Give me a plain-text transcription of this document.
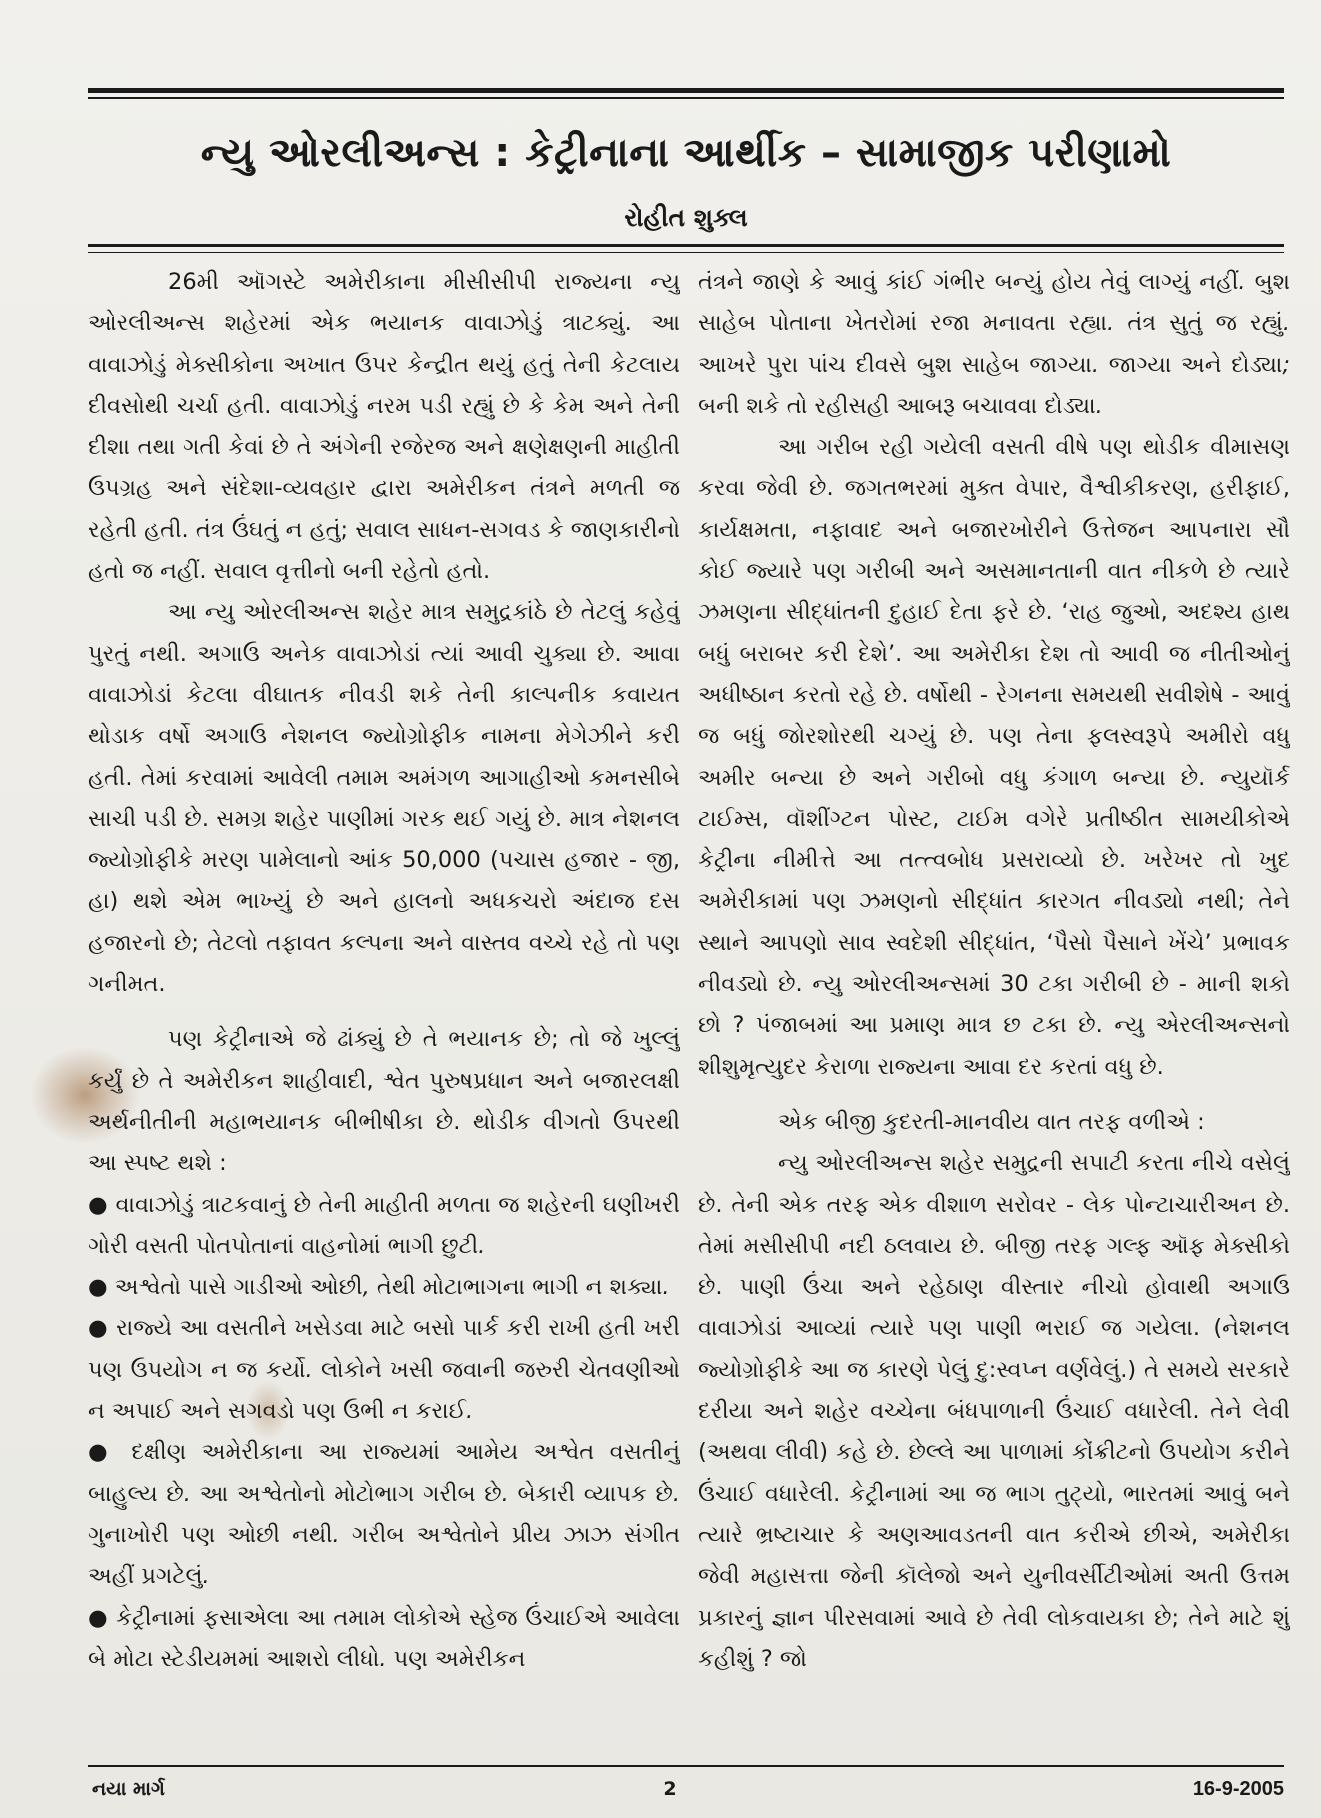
ન્યુ ઓરલીઅન્સ : કેટ્રીનાના આર્થીક – સામાજીક પરીણામો
રોહીત શુક્લ

26મી ઑગસ્ટે અમેરીકાના મીસીસીપી રાજ્યના ન્યુ ઓરલીઅન્સ શહેરમાં એક ભયાનક વાવાઝોડું ત્રાટક્યું. આ વાવાઝોડું મેક્સીકોના અખાત ઉપર કેન્દ્રીત થયું હતું તેની કેટલાય દીવસોથી ચર્ચા હતી. વાવાઝોડું નરમ પડી રહ્યું છે કે કેમ અને તેની દીશા તથા ગતી કેવાં છે તે અંગેની રજેરજ અને ક્ષણેક્ષણની માહીતી ઉપગ્રહ અને સંદેશા-વ્યવહાર દ્વારા અમેરીકન તંત્રને મળતી જ રહેતી હતી. તંત્ર ઉંઘતું ન હતું; સવાલ સાધન-સગવડ કે જાણકારીનો હતો જ નહીં. સવાલ વૃત્તીનો બની રહેતો હતો.

આ ન્યુ ઓરલીઅન્સ શહેર માત્ર સમુદ્રકાંઠે છે તેટલું કહેવું પુરતું નથી. અગાઉ અનેક વાવાઝોડાં ત્યાં આવી ચુક્યા છે. આવા વાવાઝોડાં કેટલા વીઘાતક નીવડી શકે તેની કાલ્પનીક કવાયત થોડાક વર્ષો અગાઉ નેશનલ જ્યોગ્રોફીક નામના મેગેઝીને કરી હતી. તેમાં કરવામાં આવેલી તમામ અમંગળ આગાહીઓ કમનસીબે સાચી પડી છે. સમગ્ર શહેર પાણીમાં ગરક થઈ ગયું છે. માત્ર નેશનલ જ્યોગ્રોફીકે મરણ પામેલાનો આંક 50,000 (પચાસ હજાર - જી, હા) થશે એમ ભાખ્યું છે અને હાલનો અધકચરો અંદાજ દસ હજારનો છે; તેટલો તફાવત કલ્પના અને વાસ્તવ વચ્ચે રહે તો પણ ગનીમત.

પણ કેટ્રીનાએ જે ઢાંક્યું છે તે ભયાનક છે; તો જે ખુલ્લું કર્યું છે તે અમેરીકન શાહીવાદી, શ્વેત પુરુષપ્રધાન અને બજારલક્ષી અર્થનીતીની મહાભયાનક બીભીષીકા છે. થોડીક વીગતો ઉપરથી આ સ્પષ્ટ થશે :

● વાવાઝોડું ત્રાટકવાનું છે તેની માહીતી મળતા જ શહેરની ઘણીખરી ગોરી વસતી પોતપોતાનાં વાહનોમાં ભાગી છુટી.

● અશ્વેતો પાસે ગાડીઓ ઓછી, તેથી મોટાભાગના ભાગી ન શક્યા.

● રાજ્યે આ વસતીને ખસેડવા માટે બસો પાર્ક કરી રાખી હતી ખરી પણ ઉપયોગ ન જ કર્યો. લોકોને ખસી જવાની જરુરી ચેતવણીઓ ન અપાઈ અને સગવડો પણ ઉભી ન કરાઈ.

● દક્ષીણ અમેરીકાના આ રાજ્યમાં આમેય અશ્વેત વસતીનું બાહુલ્ય છે. આ અશ્વેતોનો મોટોભાગ ગરીબ છે. બેકારી વ્યાપક છે. ગુનાખોરી પણ ઓછી નથી. ગરીબ અશ્વેતોને પ્રીય ઝાઝ સંગીત અહીં પ્રગટેલું.

● કેટ્રીનામાં ફસાએલા આ તમામ લોકોએ સ્હેજ ઉંચાઈએ આવેલા બે મોટા સ્ટેડીયમમાં આશરો લીધો. પણ અમેરીકન

તંત્રને જાણે કે આવું કાંઈ ગંભીર બન્યું હોય તેવું લાગ્યું નહીં. બુશ સાહેબ પોતાના ખેતરોમાં રજા મનાવતા રહ્યા. તંત્ર સુતું જ રહ્યું. આખરે પુરા પાંચ દીવસે બુશ સાહેબ જાગ્યા. જાગ્યા અને દોડ્યા; બની શકે તો રહીસહી આબરૂ બચાવવા દોડ્યા.

આ ગરીબ રહી ગયેલી વસતી વીષે પણ થોડીક વીમાસણ કરવા જેવી છે. જગતભરમાં મુક્ત વેપાર, વૈશ્વીકીકરણ, હરીફાઈ, કાર્યક્ષમતા, નફાવાદ અને બજારખોરીને ઉત્તેજન આપનારા સૌ કોઈ જ્યારે પણ ગરીબી અને અસમાનતાની વાત નીકળે છે ત્યારે ઝમણના સીદ્ધાંતની દુહાઈ દેતા ફરે છે. ‘રાહ જુઓ, અદશ્ય હાથ બધું બરાબર કરી દેશે’. આ અમેરીકા દેશ તો આવી જ નીતીઓનું અધીષ્ઠાન કરતો રહે છે. વર્ષોથી - રેગનના સમયથી સવીશેષે - આવું જ બધું જોરશોરથી ચગ્યું છે. પણ તેના ફલસ્વરૂપે અમીરો વધુ અમીર બન્યા છે અને ગરીબો વધુ કંગાળ બન્યા છે. ન્યુયૉર્ક ટાઈમ્સ, વૉશીંગ્ટન પોસ્ટ, ટાઈમ વગેરે પ્રતીષ્ઠીત સામયીકોએ કેટ્રીના નીમીત્તે આ તત્ત્વબોધ પ્રસરાવ્યો છે. ખરેખર તો ખુદ અમેરીકામાં પણ ઝમણનો સીદ્ધાંત કારગત નીવડ્યો નથી; તેને સ્થાને આપણો સાવ સ્વદેશી સીદ્ધાંત, ‘પૈસો પૈસાને ખેંચે’ પ્રભાવક નીવડ્યો છે. ન્યુ ઓરલીઅન્સમાં 30 ટકા ગરીબી છે - માની શકો છો ? પંજાબમાં આ પ્રમાણ માત્ર છ ટકા છે. ન્યુ એરલીઅન્સનો શીશુમૃત્યુદર કેરાળા રાજ્યના આવા દર કરતાં વધુ છે.

એક બીજી કુદરતી-માનવીય વાત તરફ વળીએ :

ન્યુ ઓરલીઅન્સ શહેર સમુદ્રની સપાટી કરતા નીચે વસેલું છે. તેની એક તરફ એક વીશાળ સરોવર - લેક પોન્ટાચારીઅન છે. તેમાં મસીસીપી નદી ઠલવાય છે. બીજી તરફ ગલ્ફ ઑફ મેક્સીકો છે. પાણી ઉંચા અને રહેઠાણ વીસ્તાર નીચો હોવાથી અગાઉ વાવાઝોડાં આવ્યાં ત્યારે પણ પાણી ભરાઈ જ ગયેલા. (નેશનલ જ્યોગ્રોફીકે આ જ કારણે પેલું દુ:સ્વપ્ન વર્ણવેલું.) તે સમયે સરકારે દરીયા અને શહેર વચ્ચેના બંધપાળાની ઉંચાઈ વધારેલી. તેને લેવી (અથવા લીવી) કહે છે. છેલ્લે આ પાળામાં કોંક્રીટનો ઉપયોગ કરીને ઉંચાઈ વધારેલી. કેટ્રીનામાં આ જ ભાગ તુટ્યો, ભારતમાં આવું બને ત્યારે ભ્રષ્ટાચાર કે અણઆવડતની વાત કરીએ છીએ, અમેરીકા જેવી મહાસત્તા જેની કૉલેજો અને યુનીવર્સીટીઓમાં અતી ઉત્તમ પ્રકારનું જ્ઞાન પીરસવામાં આવે છે તેવી લોકવાયકા છે; તેને માટે શું કહીશું ? જો

નયા માર્ગ	2	16-9-2005
